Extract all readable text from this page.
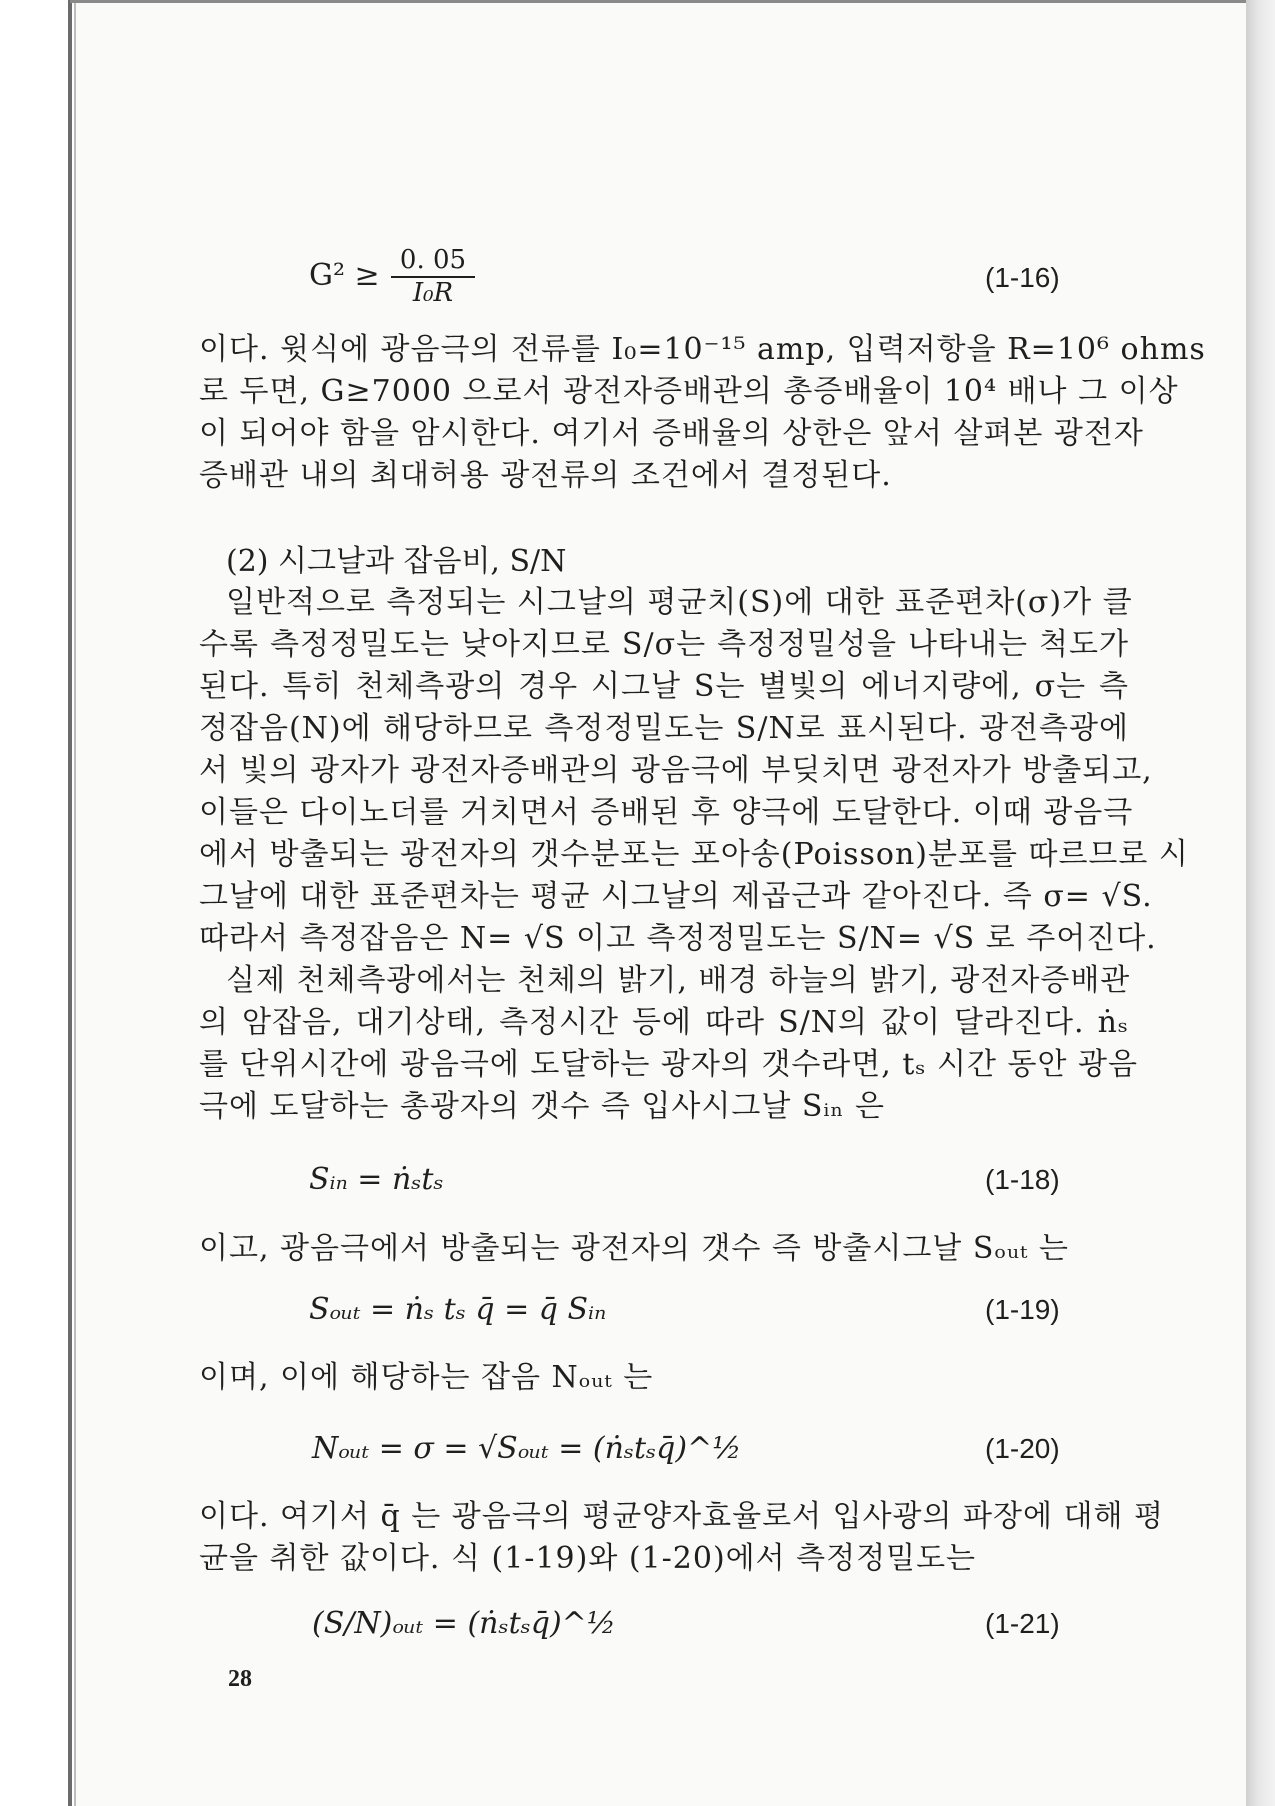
$G^2 \ge \frac{0. 05}{\text{I₀R}}$	(1-16)
이다. 윗식에 광음극의 전류를 I₀=10⁻¹⁵ amp, 입력저항을 R=10⁶ ohms
로 두면, G≥7000 으로서 광전자증배관의 총증배율이 10⁴ 배나 그 이상
이 되어야 함을 암시한다. 여기서 증배율의 상한은 앞서 살펴본 광전자
증배관 내의 최대허용 광전류의 조건에서 결정된다.
(2) 시그날과 잡음비, S/N
일반적으로 측정되는 시그날의 평균치(S)에 대한 표준편차(σ)가 클
수록 측정정밀도는 낮아지므로 S/σ는 측정정밀성을 나타내는 척도가
된다. 특히 천체측광의 경우 시그날 S는 별빛의 에너지량에, σ는 측
정잡음(N)에 해당하므로 측정정밀도는 S/N로 표시된다. 광전측광에
서 빛의 광자가 광전자증배관의 광음극에 부딪치면 광전자가 방출되고,
이들은 다이노더를 거치면서 증배된 후 양극에 도달한다. 이때 광음극
에서 방출되는 광전자의 갯수분포는 포아송(Poisson)분포를 따르므로 시
그날에 대한 표준편차는 평균 시그날의 제곱근과 같아진다. 즉 σ= √S.
따라서 측정잡음은 N= √S 이고 측정정밀도는 S/N= √S 로 주어진다.
실제 천체측광에서는 천체의 밝기, 배경 하늘의 밝기, 광전자증배관
의 암잡음, 대기상태, 측정시간 등에 따라 S/N의 값이 달라진다. ṅₛ
를 단위시간에 광음극에 도달하는 광자의 갯수라면, tₛ 시간 동안 광음
극에 도달하는 총광자의 갯수 즉 입사시그날 Sᵢₙ 은
Sᵢₙ = ṅₛtₛ	(1-18)
이고, 광음극에서 방출되는 광전자의 갯수 즉 방출시그날 Sₒᵤₜ 는
Sₒᵤₜ = ṅₛ tₛ q̄ = q̄ Sᵢₙ	(1-19)
이며, 이에 해당하는 잡음 Nₒᵤₜ 는
Nₒᵤₜ = σ = √Sₒᵤₜ = (ṅₛtₛq̄)^½	(1-20)
이다. 여기서 q̄ 는 광음극의 평균양자효율로서 입사광의 파장에 대해 평
균을 취한 값이다. 식 (1-19)와 (1-20)에서 측정정밀도는
(S/N)ₒᵤₜ = (ṅₛtₛq̄)^½	(1-21)
28
